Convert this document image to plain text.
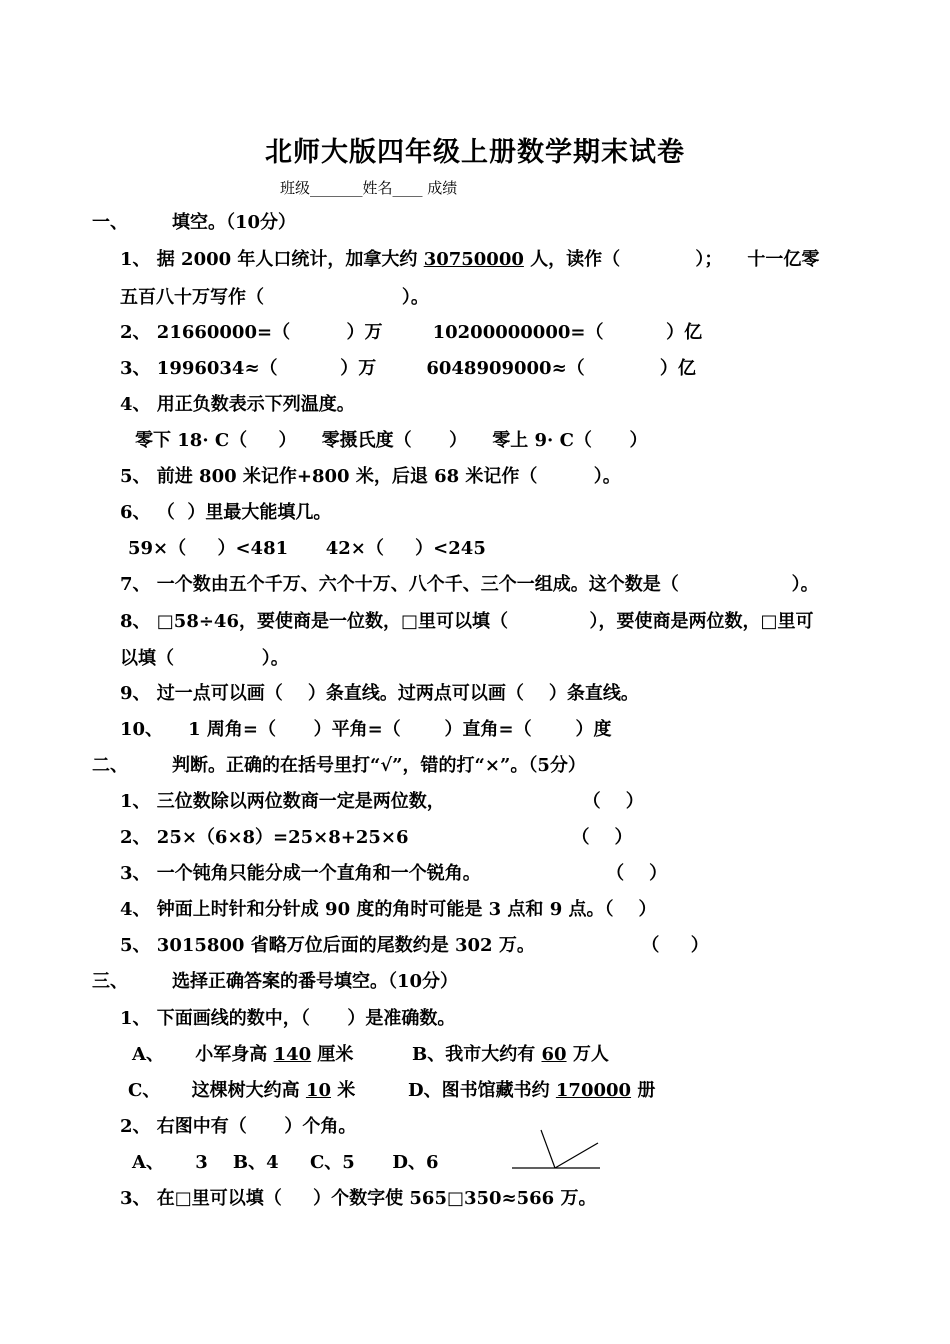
北师大版四年级上册数学期末试卷
班级_______姓名____ 成绩
一、 填空。（10分）
1、 据 2000 年人口统计，加拿大约 30750000 人，读作（            ）；    十一亿零
五百八十万写作（                      ）。
2、 21660000=（         ）万        10200000000=（          ）亿
3、 1996034≈（          ）万        6048909000≈（            ）亿
4、 用正负数表示下列温度。
零下 18· C（     ）    零摄氏度（      ）    零上 9· C（      ）
5、 前进 800 米记作+800 米，后退 68 米记作（         ）。
6、 （  ）里最大能填几。
59×（     ）<481      42×（     ）<245
7、 一个数由五个千万、六个十万、八个千、三个一组成。这个数是（                  ）。
8、 □58÷46，要使商是一位数，□里可以填（             ），要使商是两位数，□里可
以填（              ）。
9、 过一点可以画（    ）条直线。过两点可以画（    ）条直线。
10、    1 周角=（      ）平角=（       ）直角=（       ）度
二、 判断。正确的在括号里打“√”，错的打“×”。（5分）
1、 三位数除以两位数商一定是两位数，                      （    ）
2、 25×（6×8）=25×8+25×6                          （    ）
3、 一个钝角只能分成一个直角和一个锐角。                    （    ）
4、 钟面上时针和分针成 90 度的角时可能是 3 点和 9 点。（    ）
5、 3015800 省略万位后面的尾数约是 302 万。                 （     ）
三、 选择正确答案的番号填空。（10分）
1、 下面画线的数中，（      ）是准确数。
A、     小军身高 140 厘米	B、我市大约有 60 万人
C、     这棵树大约高 10 米	D、图书馆藏书约 170000 册
2、 右图中有（      ）个角。
A、     3    B、4     C、5      D、6
3、 在□里可以填（     ）个数字使 565□350≈566 万。
